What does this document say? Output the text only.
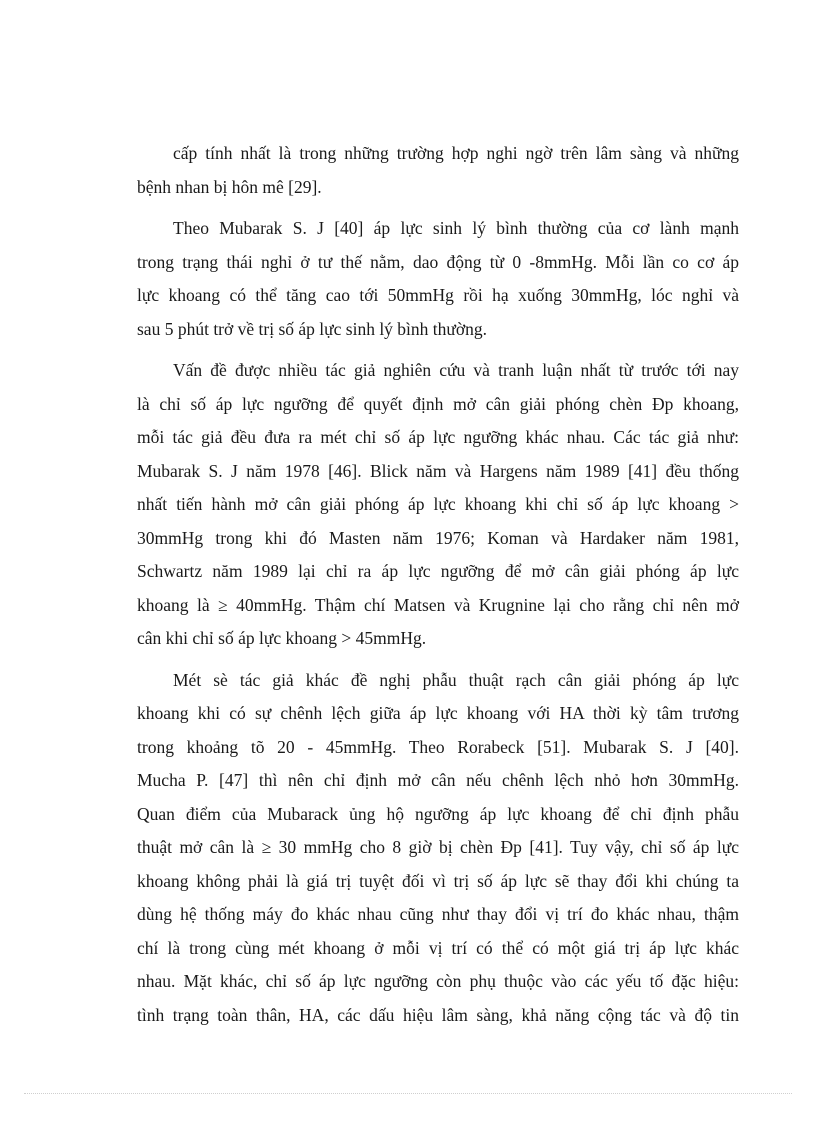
cấp tính nhất là trong những trường hợp nghi ngờ trên lâm sàng và những
bệnh nhan bị hôn mê [29].

Theo Mubarak S. J [40] áp lực sinh lý bình thường của cơ lành mạnh
trong trạng thái nghỉ ở tư thế nằm, dao động từ 0 -8mmHg. Mỗi lần co cơ áp
lực khoang có thể tăng cao tới 50mmHg rồi hạ xuống 30mmHg, lóc nghỉ và
sau 5 phút trở về trị số áp lực sinh lý bình thường.

Vấn đề được nhiều tác giả nghiên cứu và tranh luận nhất từ trước tới nay
là chỉ số áp lực ngưỡng để quyết định mở cân giải phóng chèn Đp khoang,
mỗi tác giả đều đưa ra mét chỉ số áp lực ngưỡng khác nhau. Các tác giả như:
Mubarak S. J năm 1978 [46]. Blick năm và Hargens năm 1989 [41] đều thống
nhất tiến hành mở cân giải phóng áp lực khoang khi chỉ số áp lực khoang >
30mmHg trong khi đó Masten năm 1976; Koman và Hardaker năm 1981,
Schwartz năm 1989 lại chỉ ra áp lực ngưỡng để mở cân giải phóng áp lực
khoang là ≥ 40mmHg. Thậm chí Matsen và Krugnine lại cho rằng chỉ nên mở
cân khi chỉ số áp lực khoang > 45mmHg.

Mét sè tác giả khác đề nghị phẫu thuật rạch cân giải phóng áp lực
khoang khi có sự chênh lệch giữa áp lực khoang với HA thời kỳ tâm trương
trong khoảng tõ 20 - 45mmHg. Theo Rorabeck [51]. Mubarak S. J [40].
Mucha P. [47] thì nên chỉ định mở cân nếu chênh lệch nhỏ hơn 30mmHg.
Quan điểm của Mubarack ủng hộ ngưỡng áp lực khoang để chỉ định phẫu
thuật mở cân là ≥ 30 mmHg cho 8 giờ bị chèn Đp [41]. Tuy vậy, chỉ số áp lực
khoang không phải là giá trị tuyệt đối vì trị số áp lực sẽ thay đổi khi chúng ta
dùng hệ thống máy đo khác nhau cũng như thay đổi vị trí đo khác nhau, thậm
chí là trong cùng mét khoang ở mỗi vị trí có thể có một giá trị áp lực khác
nhau. Mặt khác, chỉ số áp lực ngưỡng còn phụ thuộc vào các yếu tố đặc hiệu:
tình trạng toàn thân, HA, các dấu hiệu lâm sàng, khả năng cộng tác và độ tin
